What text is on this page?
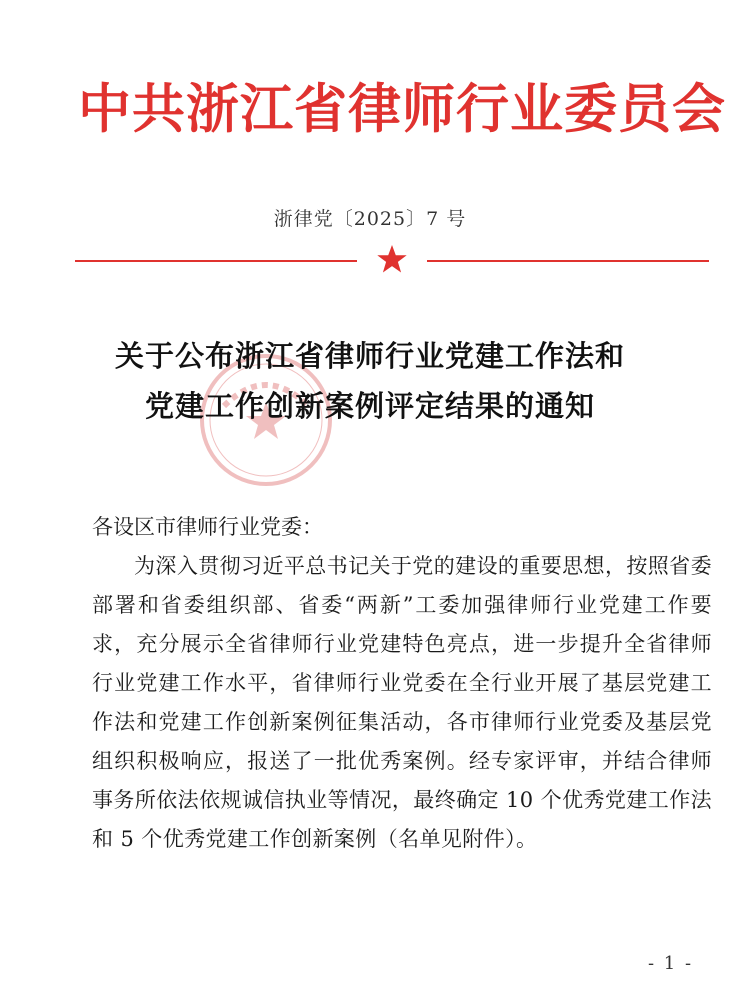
中共浙江省律师行业委员会
浙律党〔2025〕7 号
关于公布浙江省律师行业党建工作法和
党建工作创新案例评定结果的通知

各设区市律师行业党委：

为深入贯彻习近平总书记关于党的建设的重要思想，按照省委部署和省委组织部、省委“两新”工委加强律师行业党建工作要求，充分展示全省律师行业党建特色亮点，进一步提升全省律师行业党建工作水平，省律师行业党委在全行业开展了基层党建工作法和党建工作创新案例征集活动，各市律师行业党委及基层党组织积极响应，报送了一批优秀案例。经专家评审，并结合律师事务所依法依规诚信执业等情况，最终确定 10 个优秀党建工作法和 5 个优秀党建工作创新案例（名单见附件）。

- 1 -
